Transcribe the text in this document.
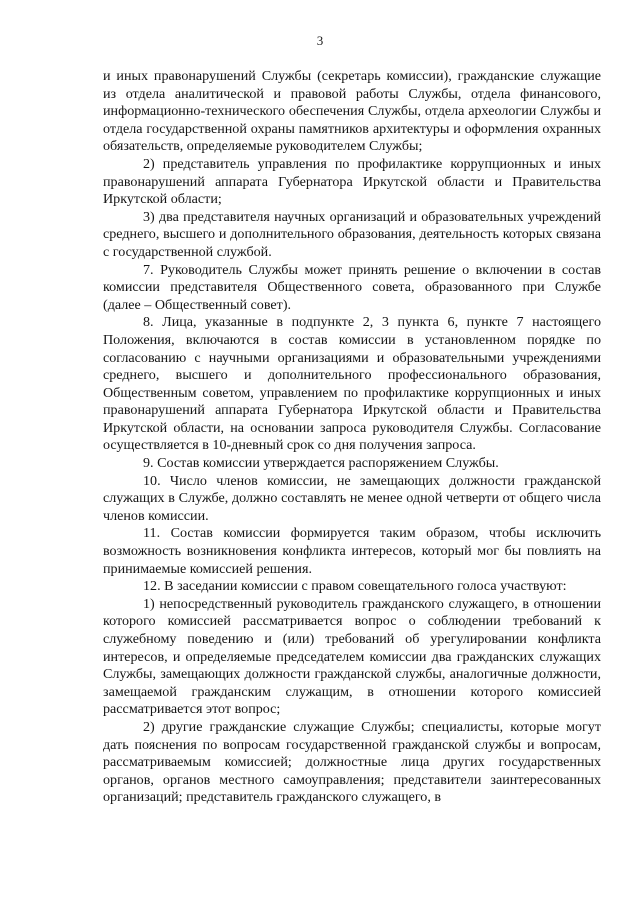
3

и иных правонарушений Службы (секретарь комиссии), гражданские служащие из отдела аналитической и правовой работы Службы, отдела финансового, информационно-технического обеспечения Службы, отдела археологии Службы и отдела государственной охраны памятников архитектуры и оформления охранных обязательств, определяемые руководителем Службы;

2) представитель управления по профилактике коррупционных и иных правонарушений аппарата Губернатора Иркутской области и Правительства Иркутской области;

3) два представителя научных организаций и образовательных учреждений среднего, высшего и дополнительного образования, деятельность которых связана с государственной службой.

7. Руководитель Службы может принять решение о включении в состав комиссии представителя Общественного совета, образованного при Службе (далее – Общественный совет).

8. Лица, указанные в подпункте 2, 3 пункта 6, пункте 7 настоящего Положения, включаются в состав комиссии в установленном порядке по согласованию с научными организациями и образовательными учреждениями среднего, высшего и дополнительного профессионального образования, Общественным советом, управлением по профилактике коррупционных и иных правонарушений аппарата Губернатора Иркутской области и Правительства Иркутской области, на основании запроса руководителя Службы. Согласование осуществляется в 10-дневный срок со дня получения запроса.

9. Состав комиссии утверждается распоряжением Службы.

10. Число членов комиссии, не замещающих должности гражданской служащих в Службе, должно составлять не менее одной четверти от общего числа членов комиссии.

11. Состав комиссии формируется таким образом, чтобы исключить возможность возникновения конфликта интересов, который мог бы повлиять на принимаемые комиссией решения.

12. В заседании комиссии с правом совещательного голоса участвуют:

1) непосредственный руководитель гражданского служащего, в отношении которого комиссией рассматривается вопрос о соблюдении требований к служебному поведению и (или) требований об урегулировании конфликта интересов, и определяемые председателем комиссии два гражданских служащих Службы, замещающих должности гражданской службы, аналогичные должности, замещаемой гражданским служащим, в отношении которого комиссией рассматривается этот вопрос;

2) другие гражданские служащие Службы; специалисты, которые могут дать пояснения по вопросам государственной гражданской службы и вопросам, рассматриваемым комиссией; должностные лица других государственных органов, органов местного самоуправления; представители заинтересованных организаций; представитель гражданского служащего, в
